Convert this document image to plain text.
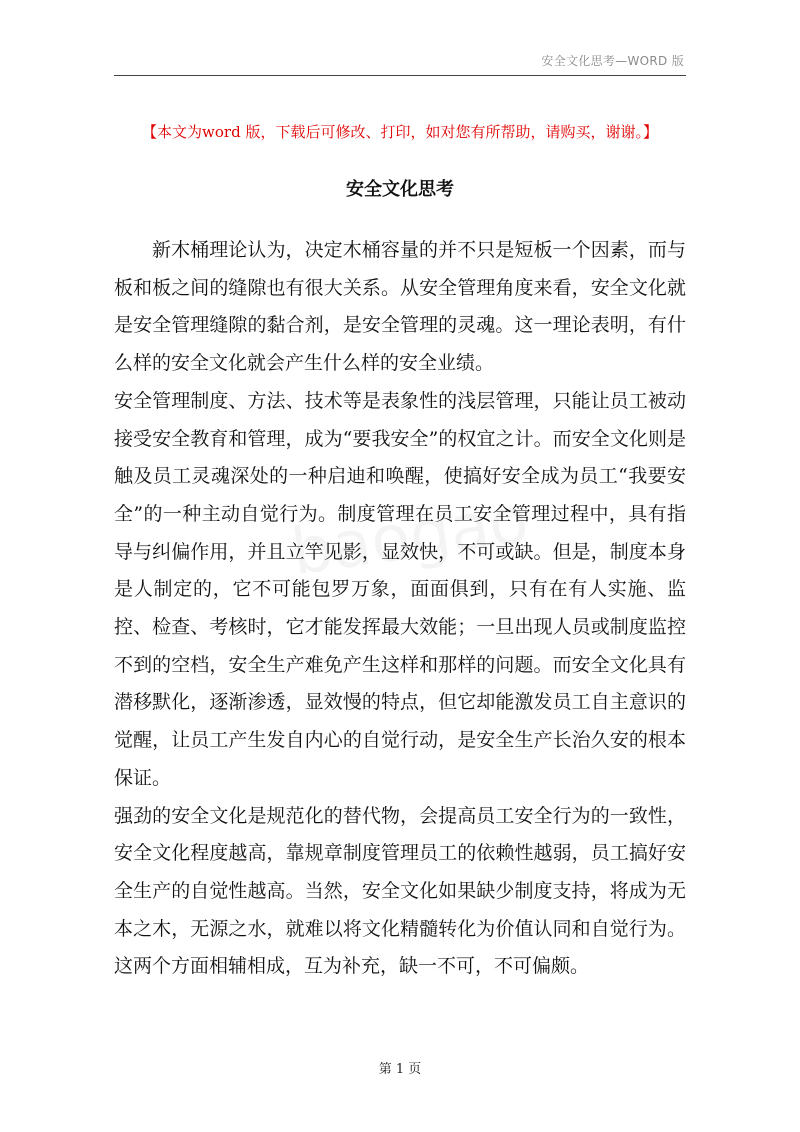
安全文化思考—WORD 版
【本文为word 版，下载后可修改、打印，如对您有所帮助，请购买，谢谢。】
安全文化思考

新木桶理论认为，决定木桶容量的并不只是短板一个因素，而与板和板之间的缝隙也有很大关系。从安全管理角度来看，安全文化就是安全管理缝隙的黏合剂，是安全管理的灵魂。这一理论表明，有什么样的安全文化就会产生什么样的安全业绩。

安全管理制度、方法、技术等是表象性的浅层管理，只能让员工被动接受安全教育和管理，成为“要我安全”的权宜之计。而安全文化则是触及员工灵魂深处的一种启迪和唤醒，使搞好安全成为员工“我要安全”的一种主动自觉行为。制度管理在员工安全管理过程中，具有指导与纠偏作用，并且立竿见影，显效快，不可或缺。但是，制度本身是人制定的，它不可能包罗万象，面面俱到，只有在有人实施、监控、检查、考核时，它才能发挥最大效能；一旦出现人员或制度监控不到的空档，安全生产难免产生这样和那样的问题。而安全文化具有潜移默化，逐渐渗透，显效慢的特点，但它却能激发员工自主意识的觉醒，让员工产生发自内心的自觉行动，是安全生产长治久安的根本保证。

强劲的安全文化是规范化的替代物，会提高员工安全行为的一致性，安全文化程度越高，靠规章制度管理员工的依赖性越弱，员工搞好安全生产的自觉性越高。当然，安全文化如果缺少制度支持，将成为无本之木，无源之水，就难以将文化精髓转化为价值认同和自觉行为。这两个方面相辅相成，互为补充，缺一不可，不可偏颇。

第 1 页
